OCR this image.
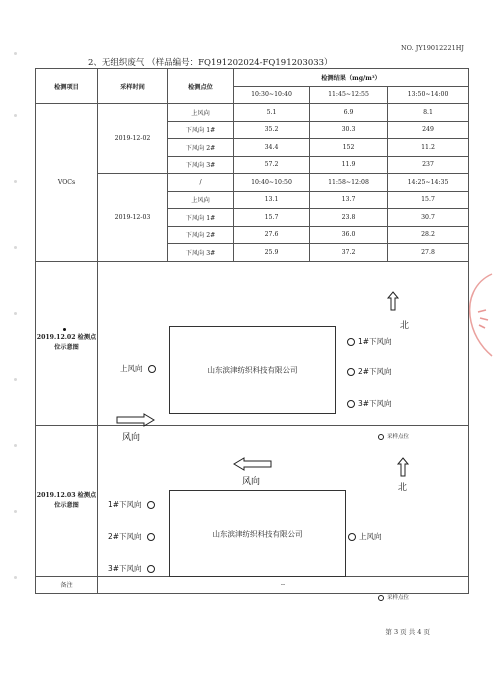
NO. JY19012221HJ
2、无组织废气 （样品编号：FQ191202024-FQ191203033）
检测项目	采样时间	检测点位	检测结果（mg/m³）		
			10:30~10:40	11:45~12:55	13:50~14:00
VOCs	2019-12-02	上风向	5.1	6.9	8.1
		下风向 1#	35.2	30.3	249
		下风向 2#	34.4	152	11.2
		下风向 3#	57.2	11.9	237
	2019-12-03	/	10:40~10:50	11:58~12:08	14:25~14:35
		上风向	13.1	13.7	15.7
		下风向 1#	15.7	23.8	30.7
		下风向 2#	27.6	36.0	28.2
		下风向 3#	25.9	37.2	27.8
2019.12.02 检测点位示意图					
2019.12.03 检测点位示意图					
备注	--				
北
山东滨津纺织科技有限公司
上风向
1#下风向
2#下风向
3#下风向
风向	采样点位
风向
北
山东滨津纺织科技有限公司
1#下风向
2#下风向
3#下风向
上风向
采样点位
第 3 页 共 4 页
